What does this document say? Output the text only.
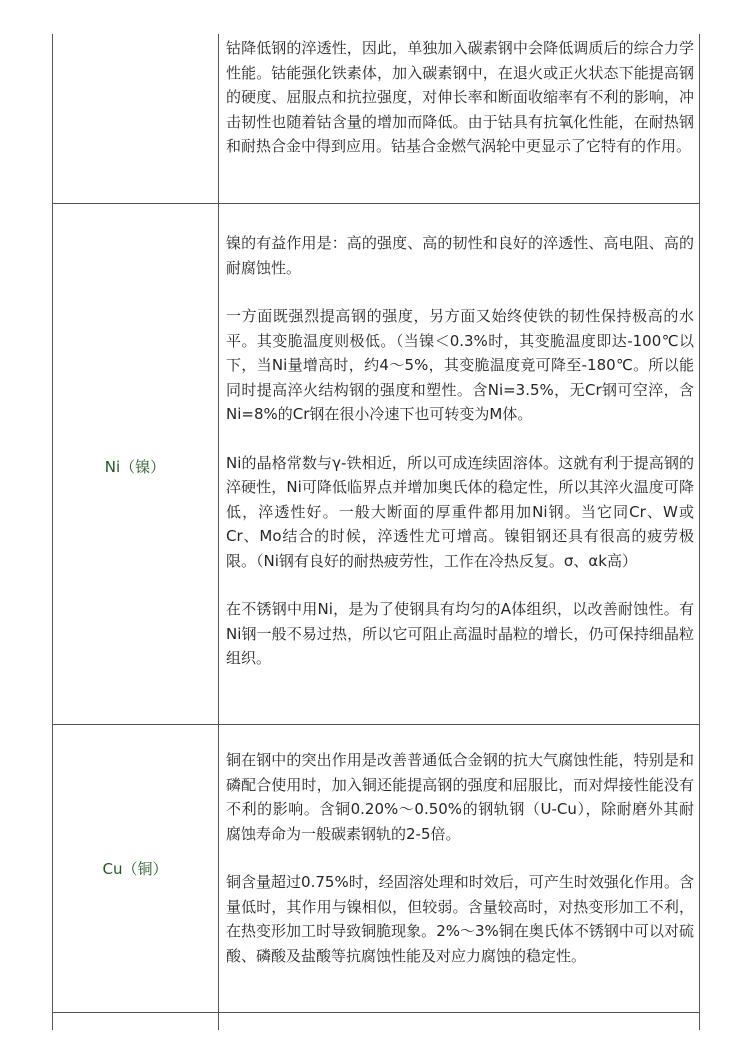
钴降低钢的淬透性，因此，单独加入碳素钢中会降低调质后的综合力学性能。钴能强化铁素体，加入碳素钢中，在退火或正火状态下能提高钢的硬度、屈服点和抗拉强度，对伸长率和断面收缩率有不利的影响，冲击韧性也随着钴含量的增加而降低。由于钴具有抗氧化性能，在耐热钢和耐热合金中得到应用。钴基合金燃气涡轮中更显示了它特有的作用。

Ni（镍）

镍的有益作用是：高的强度、高的韧性和良好的淬透性、高电阻、高的耐腐蚀性。

一方面既强烈提高钢的强度，另方面又始终使铁的韧性保持极高的水平。其变脆温度则极低。（当镍＜0.3%时，其变脆温度即达-100℃以下，当Ni量增高时，约4～5%，其变脆温度竟可降至-180℃。所以能同时提高淬火结构钢的强度和塑性。含Ni=3.5%，无Cr钢可空淬，含Ni=8%的Cr钢在很小冷速下也可转变为M体。

Ni的晶格常数与γ-铁相近，所以可成连续固溶体。这就有利于提高钢的淬硬性，Ni可降低临界点并增加奥氏体的稳定性，所以其淬火温度可降低，淬透性好。一般大断面的厚重件都用加Ni钢。当它同Cr、W或Cr、Mo结合的时候，淬透性尤可增高。镍钼钢还具有很高的疲劳极限。（Ni钢有良好的耐热疲劳性，工作在冷热反复。σ、αk高）

在不锈钢中用Ni，是为了使钢具有均匀的A体组织，以改善耐蚀性。有Ni钢一般不易过热，所以它可阻止高温时晶粒的增长，仍可保持细晶粒组织。

Cu（铜）

铜在钢中的突出作用是改善普通低合金钢的抗大气腐蚀性能，特别是和磷配合使用时，加入铜还能提高钢的强度和屈服比，而对焊接性能没有不利的影响。含铜0.20%～0.50%的钢轨钢（U-Cu），除耐磨外其耐腐蚀寿命为一般碳素钢轨的2-5倍。

铜含量超过0.75%时，经固溶处理和时效后，可产生时效强化作用。含量低时，其作用与镍相似，但较弱。含量较高时，对热变形加工不利，在热变形加工时导致铜脆现象。2%～3%铜在奥氏体不锈钢中可以对硫酸、磷酸及盐酸等抗腐蚀性能及对应力腐蚀的稳定性。
